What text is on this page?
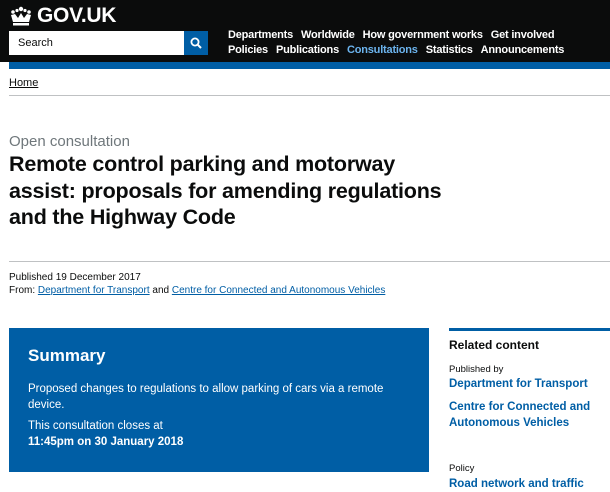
GOV.UK
Search
Departments Worldwide How government works Get involved
Policies Publications Consultations Statistics Announcements
Home
Open consultation
Remote control parking and motorway assist: proposals for amending regulations and the Highway Code
Published 19 December 2017
From: Department for Transport and Centre for Connected and Autonomous Vehicles
Summary
Proposed changes to regulations to allow parking of cars via a remote device.
This consultation closes at
11:45pm on 30 January 2018
Related content
Published by
Department for Transport
Centre for Connected and Autonomous Vehicles
Policy
Road network and traffic
